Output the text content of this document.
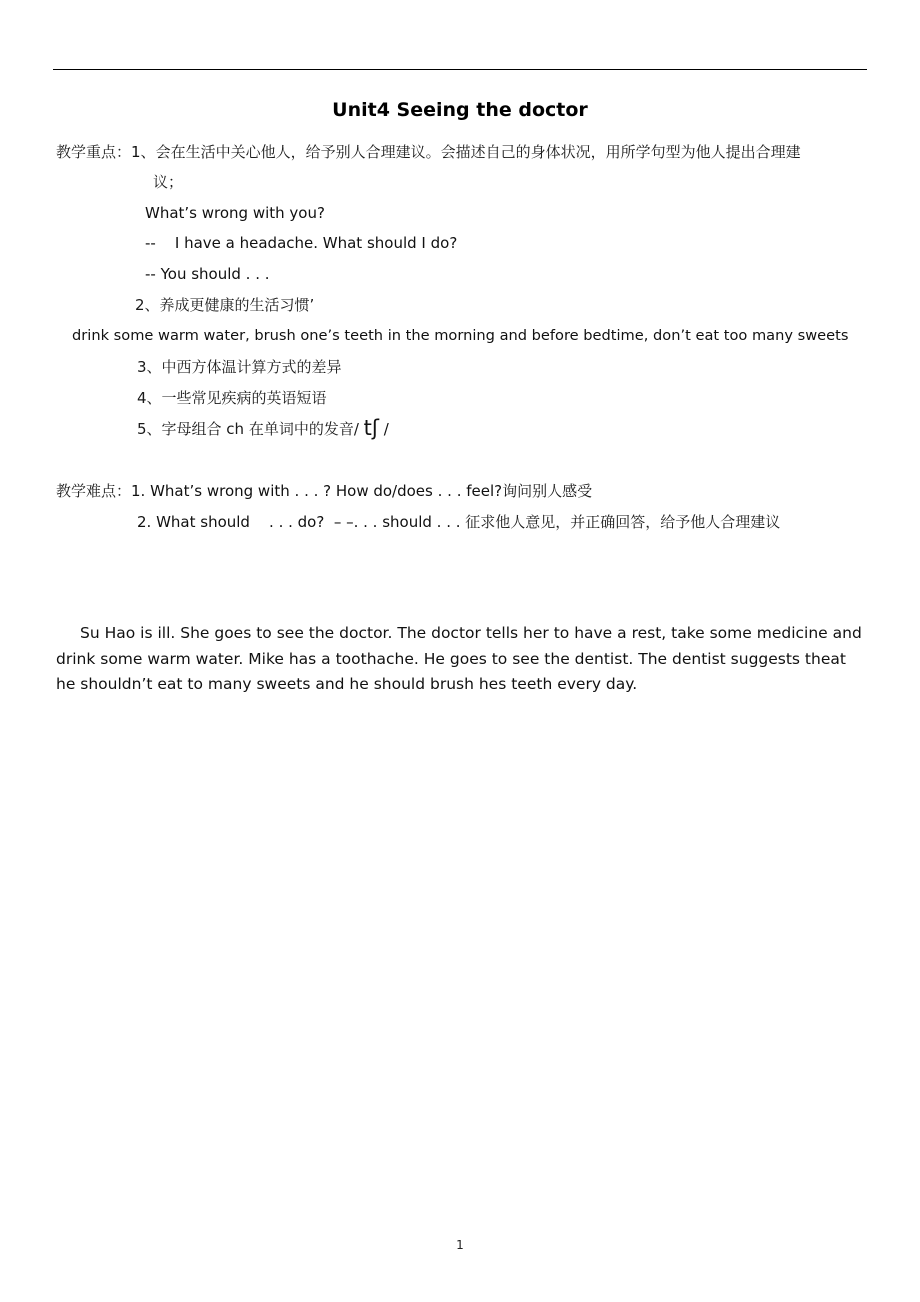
Unit4 Seeing the doctor
教学重点：1、会在生活中关心他人，给予别人合理建议。会描述自己的身体状况，用所学句型为他人提出合理建
议；
What’s wrong with you?
--    I have a headache. What should I do?
-- You should . . .
2、养成更健康的生活习惯’
drink some warm water, brush one’s teeth in the morning and before bedtime, don’t eat too many sweets
3、中西方体温计算方式的差异
4、一些常见疾病的英语短语
5、字母组合 ch 在单词中的发音/ tʃ /
教学难点：1. What’s wrong with . . . ? How do/does . . . feel?询问别人感受
2. What should    . . . do?  – –. . . should . . . 征求他人意见，并正确回答，给予他人合理建议
Su Hao is ill. She goes to see the doctor. The doctor tells her to have a rest, take some medicine and drink some warm water. Mike has a toothache. He goes to see the dentist. The dentist suggests theat he shouldn’t eat to many sweets and he should brush hes teeth every day.
1
